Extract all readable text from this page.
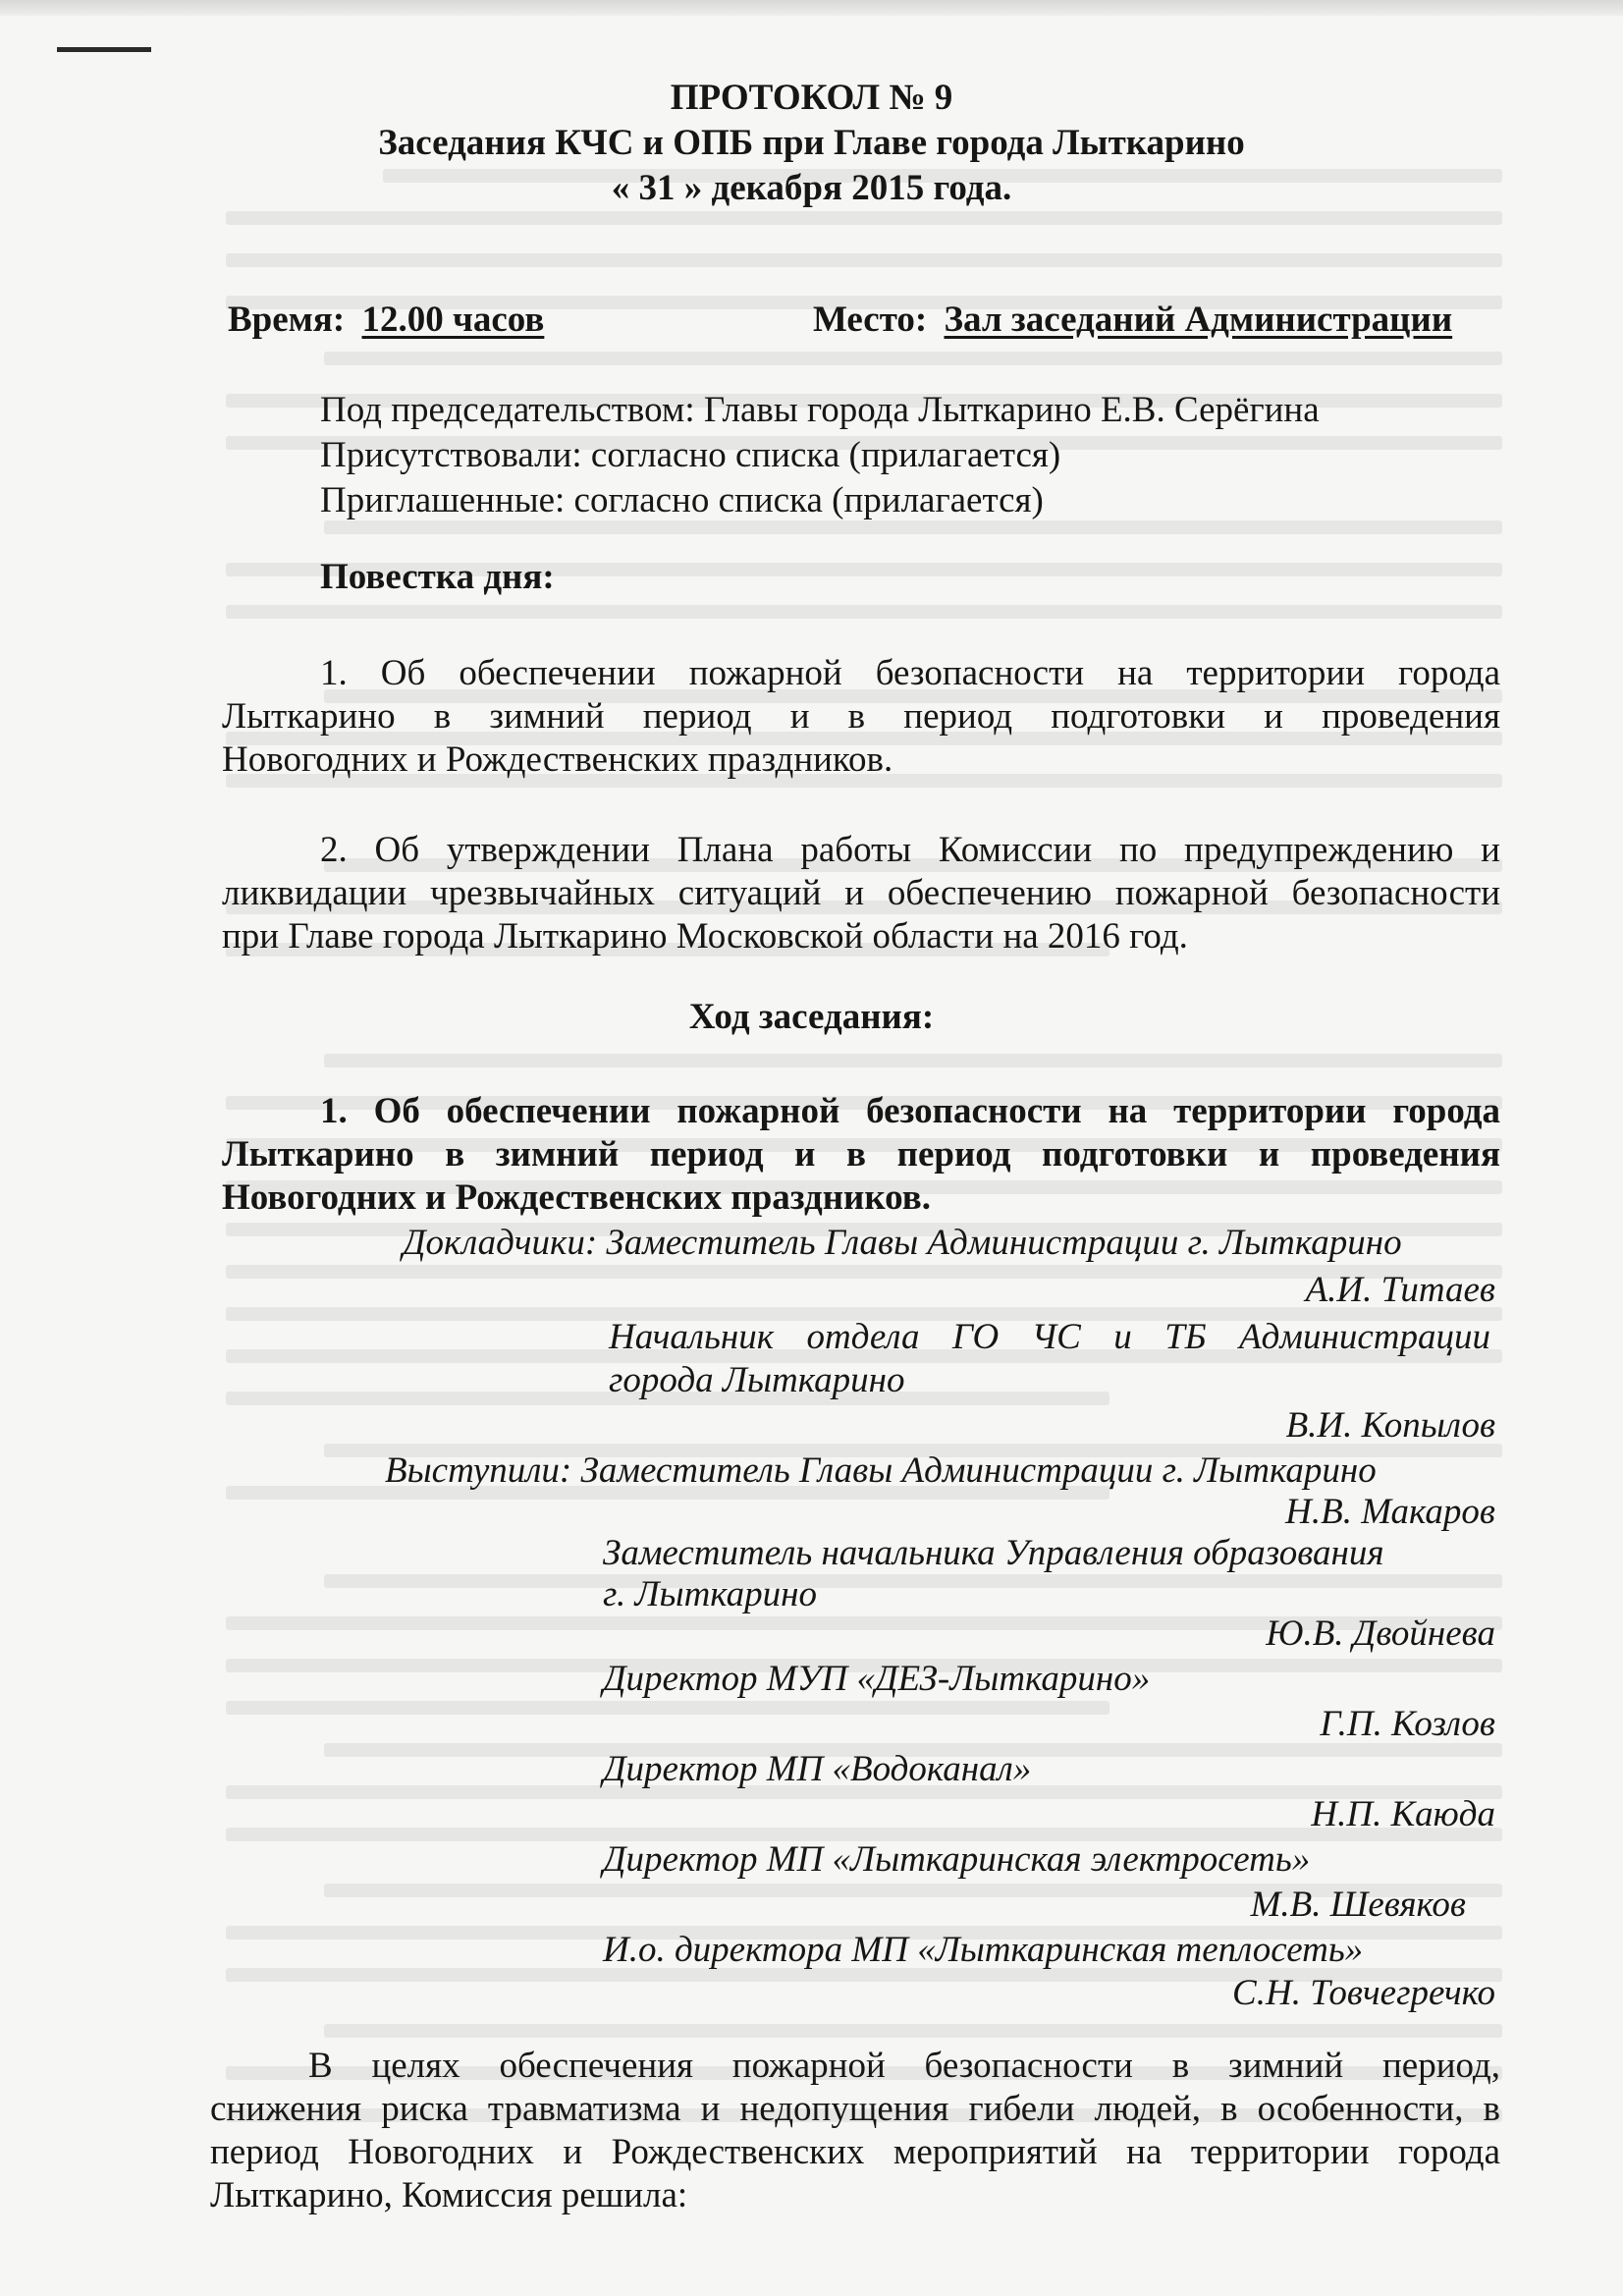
ПРОТОКОЛ № 9
Заседания КЧС и ОПБ при Главе города Лыткарино
« 31 » декабря 2015 года.
Время: 12.00 часов	Место: Зал заседаний Администрации
Под председательством: Главы города Лыткарино Е.В. Серёгина
Присутствовали: согласно списка (прилагается)
Приглашенные: согласно списка (прилагается)
Повестка дня:
1. Об обеспечении пожарной безопасности на территории города
Лыткарино в зимний период и в период подготовки и проведения
Новогодних и Рождественских праздников.
2. Об утверждении Плана работы Комиссии по предупреждению и
ликвидации чрезвычайных ситуаций и обеспечению пожарной безопасности
при Главе города Лыткарино Московской области на 2016 год.
Ход заседания:
1. Об обеспечении пожарной безопасности на территории города
Лыткарино в зимний период и в период подготовки и проведения
Новогодних и Рождественских праздников.
Докладчики: Заместитель Главы Администрации г. Лыткарино
А.И. Титаев
Начальник отдела ГО ЧС и ТБ Администрации
города Лыткарино
В.И. Копылов
Выступили: Заместитель Главы Администрации г. Лыткарино
Н.В. Макаров
Заместитель начальника Управления образования
г. Лыткарино
Ю.В. Двойнева
Директор МУП «ДЕЗ-Лыткарино»
Г.П. Козлов
Директор МП «Водоканал»
Н.П. Каюда
Директор МП «Лыткаринская электросеть»
М.В. Шевяков
И.о. директора МП «Лыткаринская теплосеть»
С.Н. Товчегречко
В целях обеспечения пожарной безопасности в зимний период,
снижения риска травматизма и недопущения гибели людей, в особенности, в
период Новогодних и Рождественских мероприятий на территории города
Лыткарино, Комиссия решила:
